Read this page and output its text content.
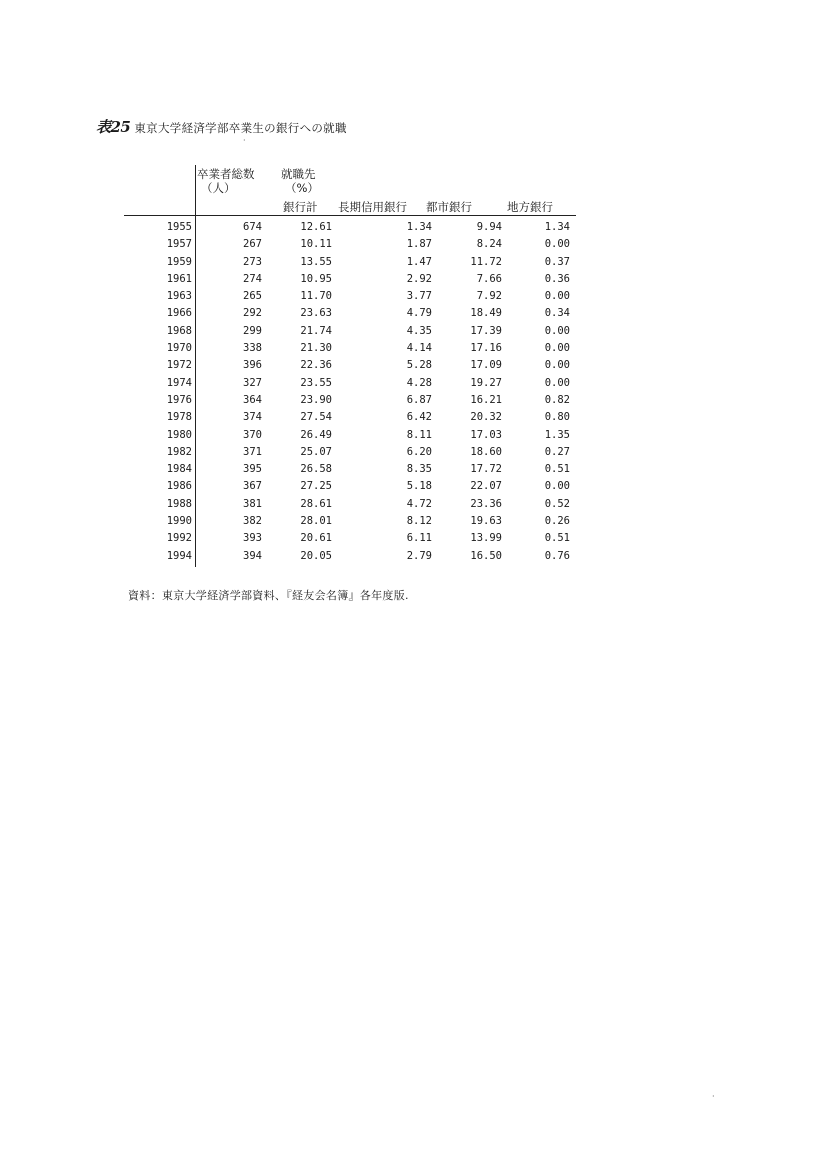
表25 東京大学経済学部卒業生の銀行への就職
卒業者総数
（人）
就職先
（%）
銀行計 長期信用銀行 都市銀行	地方銀行
1955	674	12.61	1.34	9.94	1.34
1957	267	10.11	1.87	8.24	0.00
1959	273	13.55	1.47	11.72	0.37
1961	274	10.95	2.92	7.66	0.36
1963	265	11.70	3.77	7.92	0.00
1966	292	23.63	4.79	18.49	0.34
1968	299	21.74	4.35	17.39	0.00
1970	338	21.30	4.14	17.16	0.00
1972	396	22.36	5.28	17.09	0.00
1974	327	23.55	4.28	19.27	0.00
1976	364	23.90	6.87	16.21	0.82
1978	374	27.54	6.42	20.32	0.80
1980	370	26.49	8.11	17.03	1.35
1982	371	25.07	6.20	18.60	0.27
1984	395	26.58	8.35	17.72	0.51
1986	367	27.25	5.18	22.07	0.00
1988	381	28.61	4.72	23.36	0.52
1990	382	28.01	8.12	19.63	0.26
1992	393	20.61	6.11	13.99	0.51
1994	394	20.05	2.79	16.50	0.76
資料：東京大学経済学部資料、『経友会名簿』各年度版.
·
·
